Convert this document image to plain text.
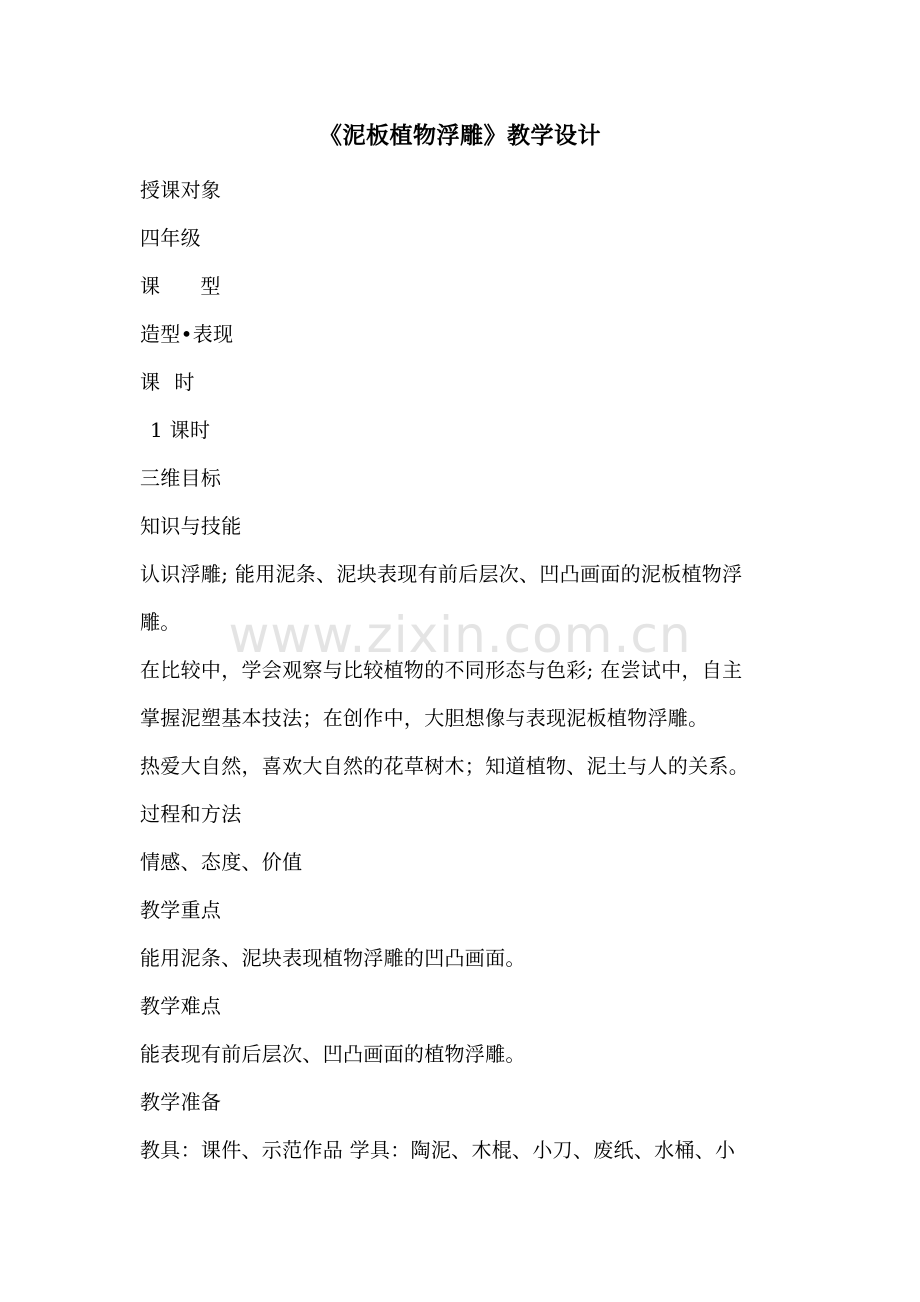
《泥板植物浮雕》教学设计
授课对象
四年级
课 型
造型•表现
课 时
1 课时
三维目标
知识与技能
认识浮雕; 能用泥条、泥块表现有前后层次、凹凸画面的泥板植物浮
雕。
在比较中，学会观察与比较植物的不同形态与色彩; 在尝试中，自主
掌握泥塑基本技法；在创作中，大胆想像与表现泥板植物浮雕。
热爱大自然，喜欢大自然的花草树木；知道植物、泥土与人的关系。
过程和方法
情感、态度、价值
教学重点
能用泥条、泥块表现植物浮雕的凹凸画面。
教学难点
能表现有前后层次、凹凸画面的植物浮雕。
教学准备
教具：课件、示范作品 学具：陶泥、木棍、小刀、废纸、水桶、小
www.zixin.com.cn
